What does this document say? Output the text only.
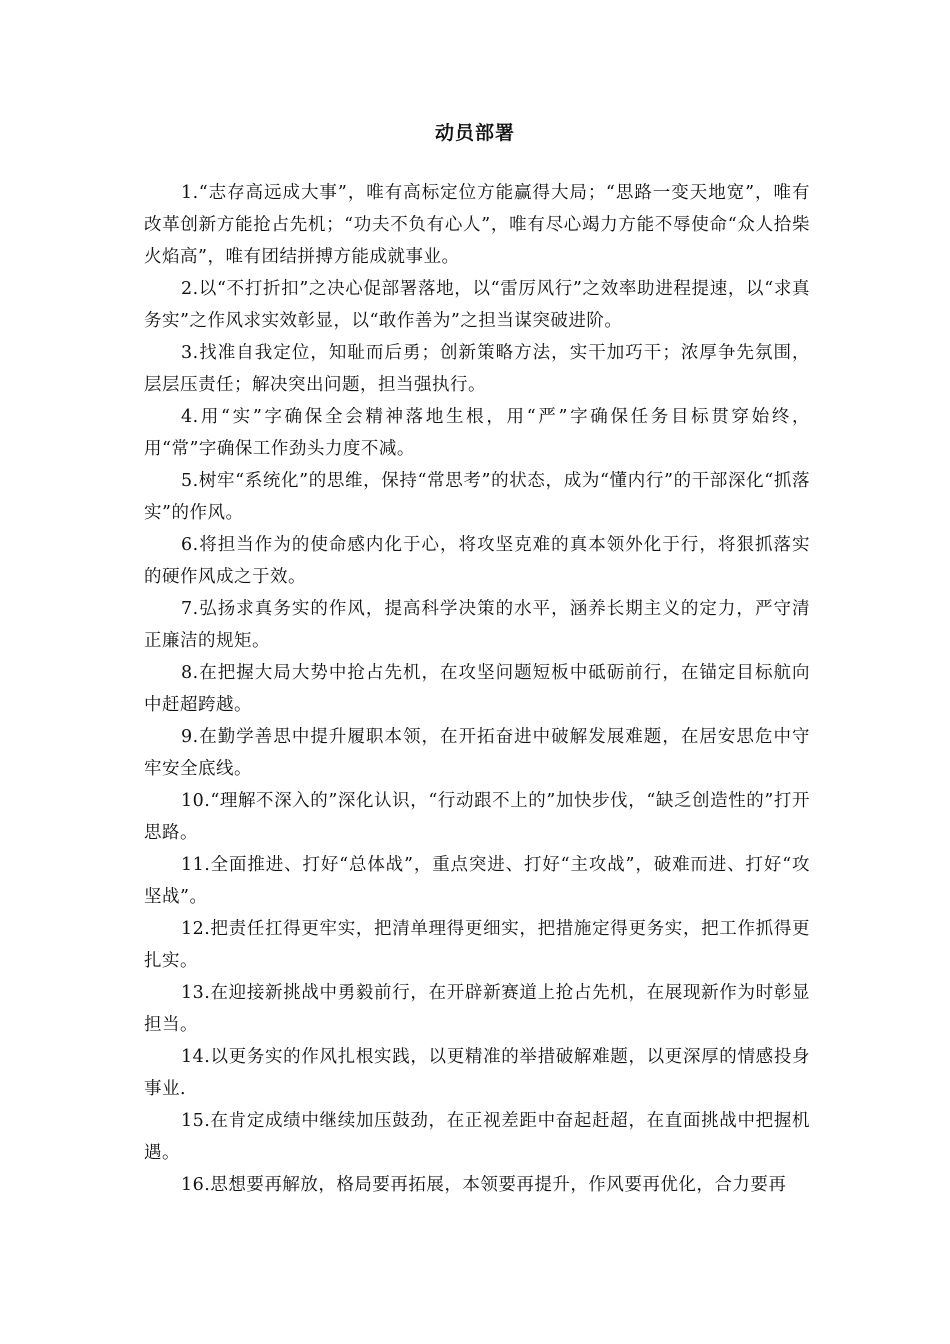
动员部署

1.“志存高远成大事”，唯有高标定位方能赢得大局；“思路一变天地宽”，唯有改革创新方能抢占先机；“功夫不负有心人”，唯有尽心竭力方能不辱使命“众人拾柴火焰高”，唯有团结拼搏方能成就事业。

2.以“不打折扣”之决心促部署落地，以“雷厉风行”之效率助进程提速，以“求真务实”之作风求实效彰显，以“敢作善为”之担当谋突破进阶。

3.找准自我定位，知耻而后勇；创新策略方法，实干加巧干；浓厚争先氛围，层层压责任；解决突出问题，担当强执行。

4.用“实”字确保全会精神落地生根，用“严”字确保任务目标贯穿始终，用“常”字确保工作劲头力度不减。

5.树牢“系统化”的思维，保持“常思考”的状态，成为“懂内行”的干部深化“抓落实”的作风。

6.将担当作为的使命感内化于心，将攻坚克难的真本领外化于行，将狠抓落实的硬作风成之于效。

7.弘扬求真务实的作风，提高科学决策的水平，涵养长期主义的定力，严守清正廉洁的规矩。

8.在把握大局大势中抢占先机，在攻坚问题短板中砥砺前行，在锚定目标航向中赶超跨越。

9.在勤学善思中提升履职本领，在开拓奋进中破解发展难题，在居安思危中守牢安全底线。

10.“理解不深入的”深化认识，“行动跟不上的”加快步伐，“缺乏创造性的”打开思路。

11.全面推进、打好“总体战”，重点突进、打好“主攻战”，破难而进、打好“攻坚战”。

12.把责任扛得更牢实，把清单理得更细实，把措施定得更务实，把工作抓得更扎实。

13.在迎接新挑战中勇毅前行，在开辟新赛道上抢占先机，在展现新作为时彰显担当。

14.以更务实的作风扎根实践，以更精准的举措破解难题，以更深厚的情感投身事业.

15.在肯定成绩中继续加压鼓劲，在正视差距中奋起赶超，在直面挑战中把握机遇。

16.思想要再解放，格局要再拓展，本领要再提升，作风要再优化，合力要再
